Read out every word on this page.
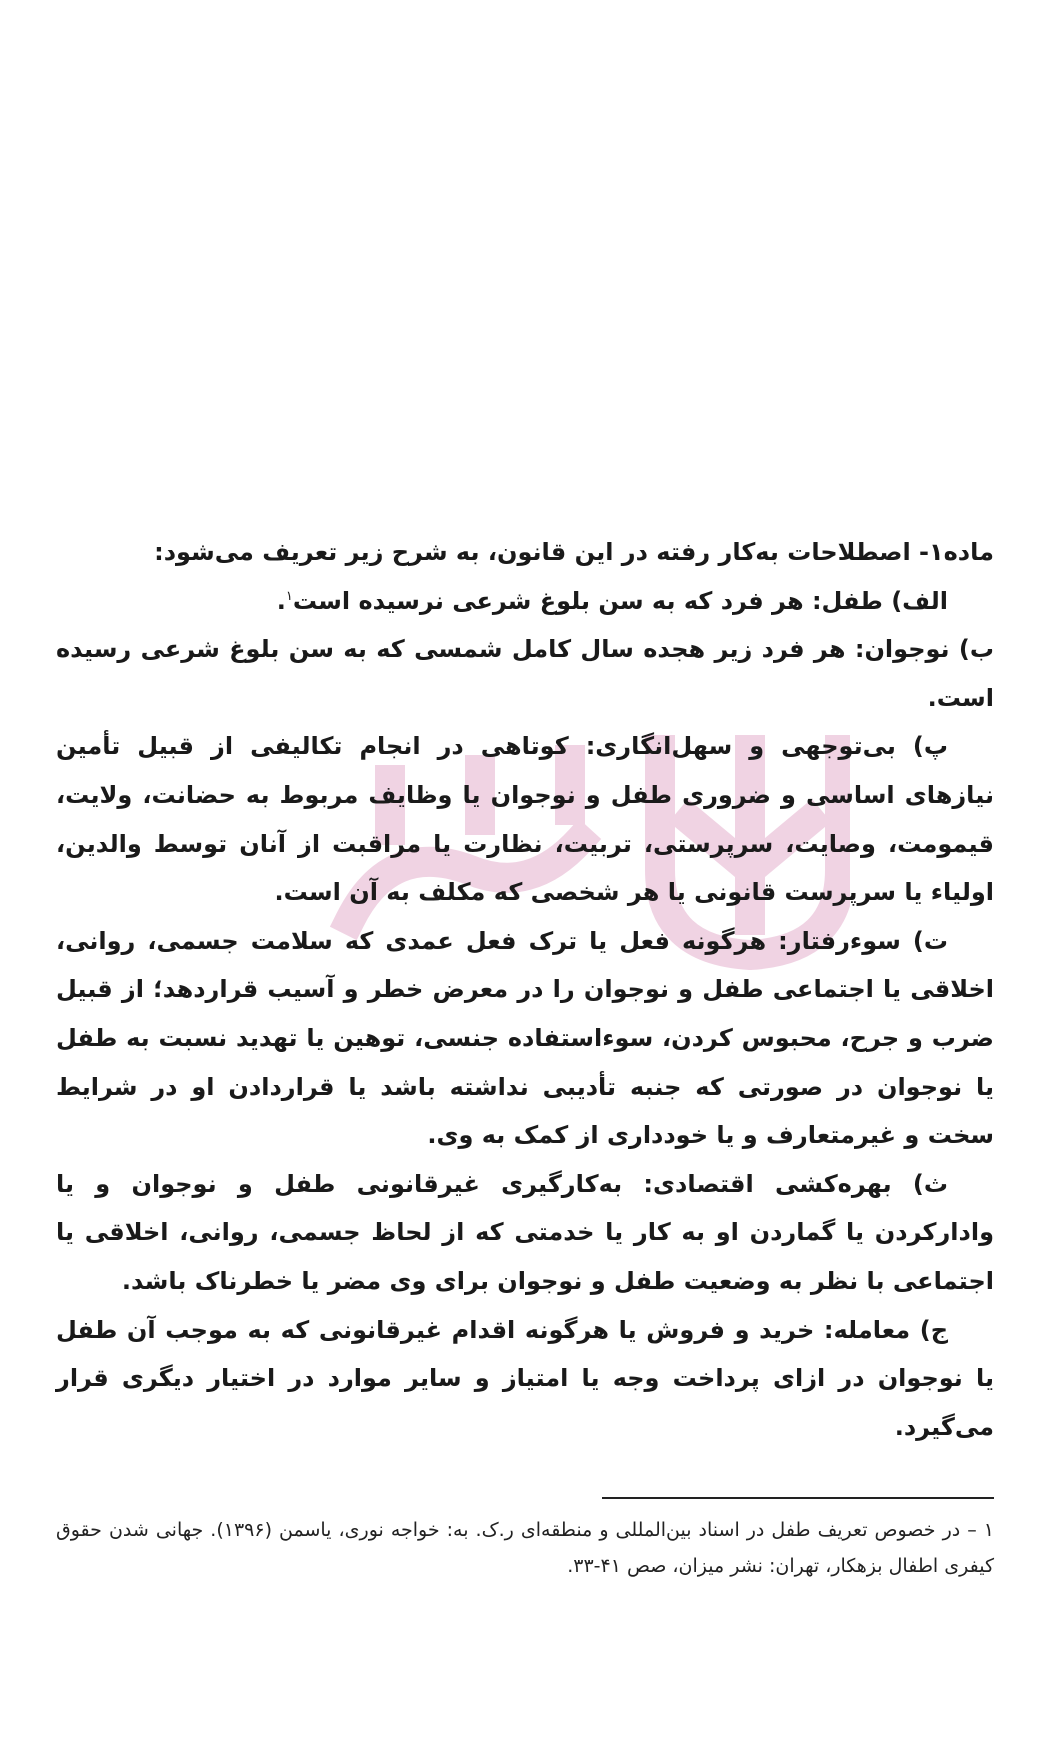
ماده۱- اصطلاحات به‌کار رفته در این قانون، به شرح زیر تعریف می‌شود:

الف) طفل: هر فرد که به سن بلوغ شرعی نرسیده است$^۱$.

ب) نوجوان: هر فرد زیر هجده سال کامل شمسی که به سن بلوغ شرعی رسیده است.

پ) بی‌توجهی و سهل‌انگاری: کوتاهی در انجام تکالیفی از قبیل تأمین نیازهای اساسی و ضروری طفل و نوجوان یا وظایف مربوط به حضانت، ولایت، قیمومت، وصایت، سرپرستی، تربیت، نظارت یا مراقبت از آنان توسط والدین، اولیاء یا سرپرست قانونی یا هر شخصی که مکلف به آن است.

ت) سوءرفتار: هرگونه فعل یا ترک فعل عمدی که سلامت جسمی، روانی، اخلاقی یا اجتماعی طفل و نوجوان را در معرض خطر و آسیب قراردهد؛ از قبیل ضرب و جرح، محبوس کردن، سوءاستفاده جنسی، توهین یا تهدید نسبت به طفل یا نوجوان در صورتی که جنبه تأدیبی نداشته باشد یا قراردادن او در شرایط سخت و غیرمتعارف و یا خودداری از کمک به وی.

ث) بهره‌کشی اقتصادی: به‌کارگیری غیرقانونی طفل و نوجوان و یا وادارکردن یا گماردن او به کار یا خدمتی که از لحاظ جسمی، روانی، اخلاقی یا اجتماعی با نظر به وضعیت طفل و نوجوان برای وی مضر یا خطرناک باشد.

ج) معامله: خرید و فروش یا هرگونه اقدام غیرقانونی که به موجب آن طفل یا نوجوان در ازای پرداخت وجه یا امتیاز و سایر موارد در اختیار دیگری قرار می‌گیرد.

۱ – در خصوص تعریف طفل در اسناد بین‌المللی و منطقه‌ای ر.ک. به: خواجه نوری، یاسمن (۱۳۹۶). جهانی شدن حقوق کیفری اطفال بزهکار، تهران: نشر میزان، صص ۴۱-۳۳.
